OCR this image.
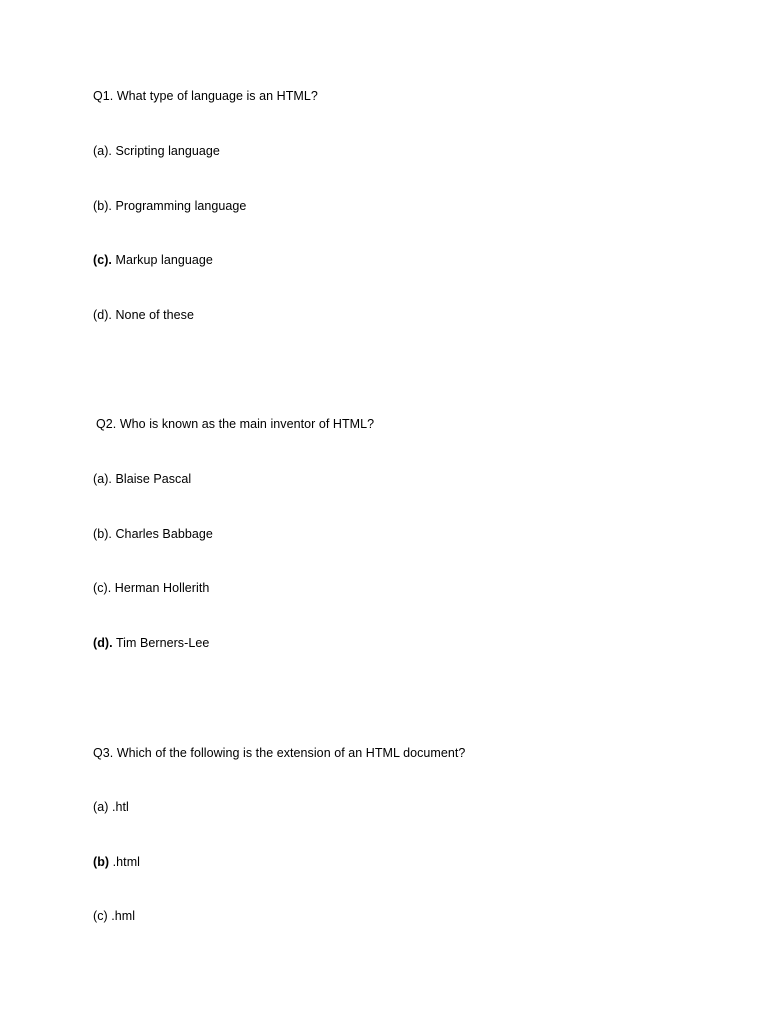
Q1. What type of language is an HTML?
(a). Scripting language
(b). Programming language
(c). Markup language
(d). None of these
Q2. Who is known as the main inventor of HTML?
(a). Blaise Pascal
(b). Charles Babbage
(c). Herman Hollerith
(d). Tim Berners-Lee
Q3. Which of the following is the extension of an HTML document?
(a) .htl
(b) .html
(c) .hml
